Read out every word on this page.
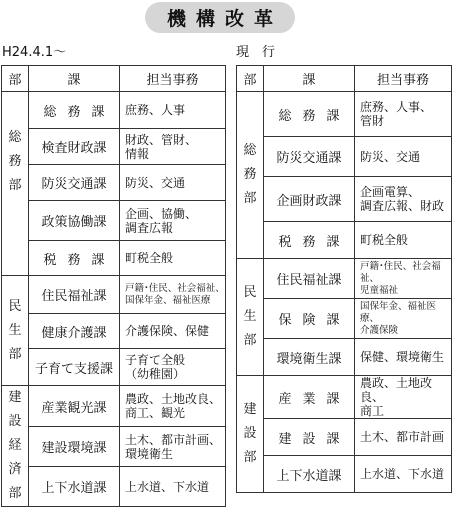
機構改革
H24.4.1〜	現　行
部	課	担当事務

総
務
部	総務課	庶務、人事
	検査財政課	財政、管財、
情報
	防災交通課	防災、交通
	政策協働課	企画、協働、
調査広報
	税務課	町税全般

民
生
部	住民福祉課	戸籍･住民、社会福祉、
国保年金、福祉医療
	健康介護課	介護保険、保健
	子育て支援課	子育て全般
（幼稚園）

建
設
経
済
部	産業観光課	農政、土地改良、
商工、観光
	建設環境課	土木、都市計画、
環境衛生
	上下水道課	上水道、下水道
部	課	担当事務

総
務
部	総務課	庶務、人事、
管財
	防災交通課	防災、交通
	企画財政課	企画電算、
調査広報、財政
	税務課	町税全般

民
生
部	住民福祉課	戸籍･住民、社会福祉、
児童福祉
	保険課	国保年金、福祉医療、
介護保険
	環境衛生課	保健、環境衛生

建
設
部	産業課	農政、土地改良、
商工
	建設課	土木、都市計画
	上下水道課	上水道、下水道
